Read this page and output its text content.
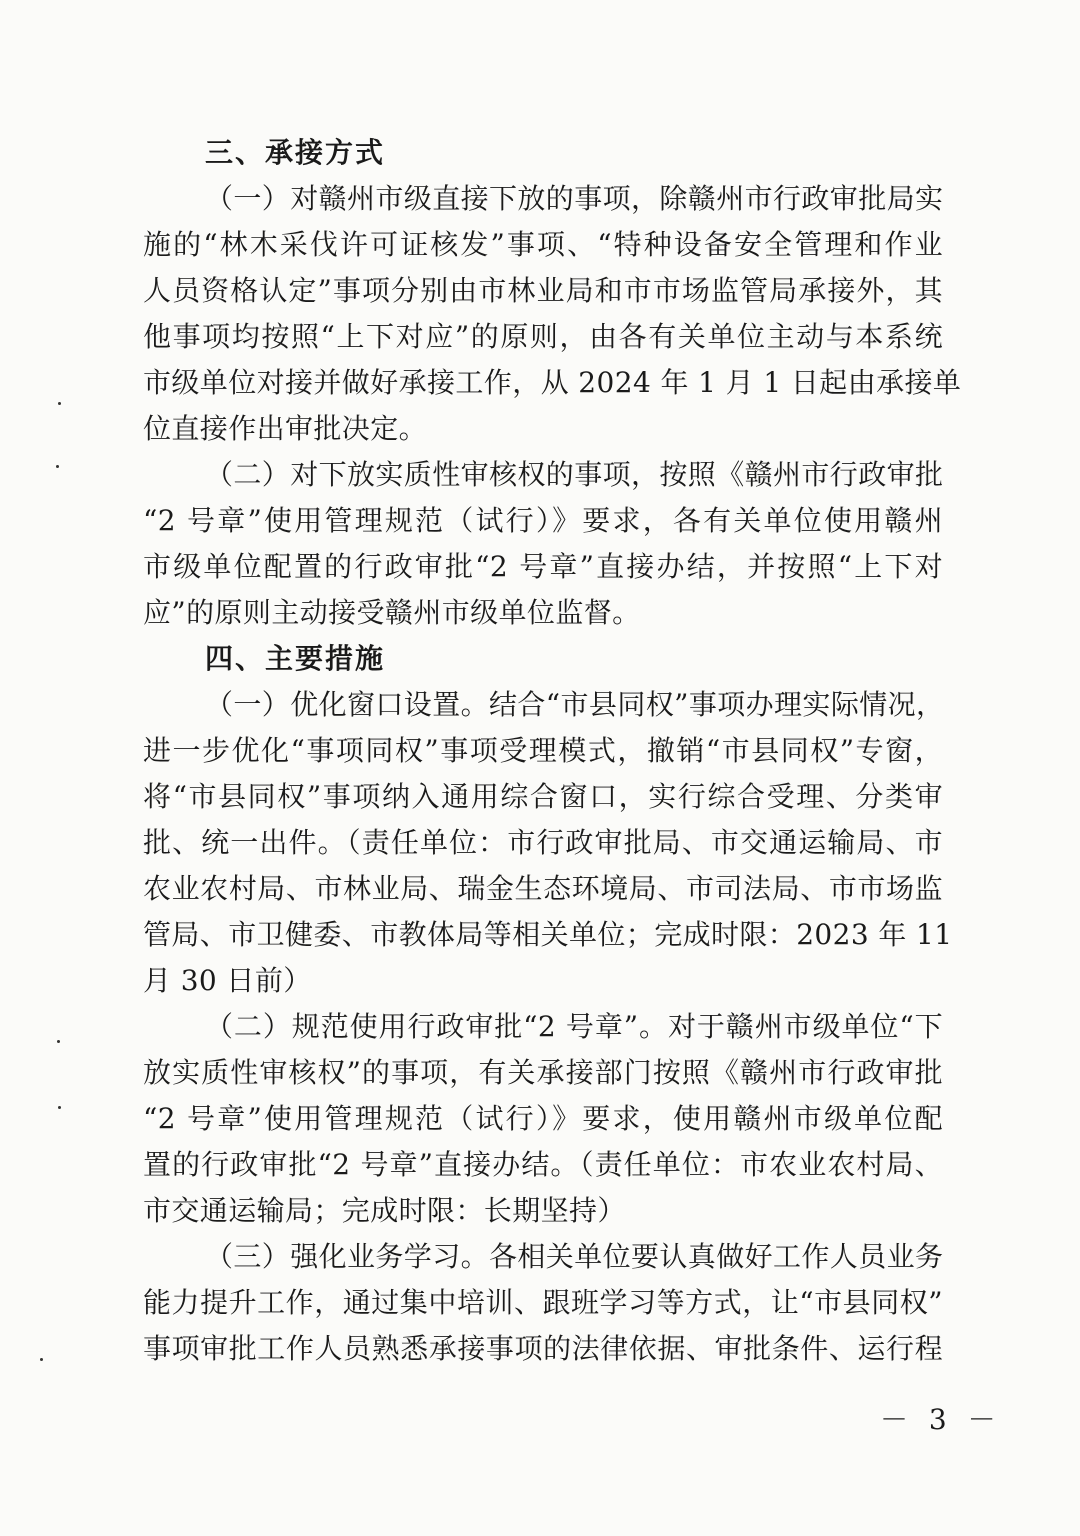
三、承接方式
（一）对赣州市级直接下放的事项，除赣州市行政审批局实
施的“林木采伐许可证核发”事项、“特种设备安全管理和作业
人员资格认定”事项分别由市林业局和市市场监管局承接外，其
他事项均按照“上下对应”的原则，由各有关单位主动与本系统
市级单位对接并做好承接工作，从 2024 年 1 月 1 日起由承接单
位直接作出审批决定。
（二）对下放实质性审核权的事项，按照《赣州市行政审批
“2 号章”使用管理规范（试行）》要求，各有关单位使用赣州
市级单位配置的行政审批“2 号章”直接办结，并按照“上下对
应”的原则主动接受赣州市级单位监督。
四、主要措施
（一）优化窗口设置。结合“市县同权”事项办理实际情况，
进一步优化“事项同权”事项受理模式，撤销“市县同权”专窗，
将“市县同权”事项纳入通用综合窗口，实行综合受理、分类审
批、统一出件。（责任单位：市行政审批局、市交通运输局、市
农业农村局、市林业局、瑞金生态环境局、市司法局、市市场监
管局、市卫健委、市教体局等相关单位；完成时限：2023 年 11
月 30 日前）
（二）规范使用行政审批“2 号章”。对于赣州市级单位“下
放实质性审核权”的事项，有关承接部门按照《赣州市行政审批
“2 号章”使用管理规范（试行）》要求，使用赣州市级单位配
置的行政审批“2 号章”直接办结。（责任单位：市农业农村局、
市交通运输局；完成时限：长期坚持）
（三）强化业务学习。各相关单位要认真做好工作人员业务
能力提升工作，通过集中培训、跟班学习等方式，让“市县同权”
事项审批工作人员熟悉承接事项的法律依据、审批条件、运行程
－ 3 －
